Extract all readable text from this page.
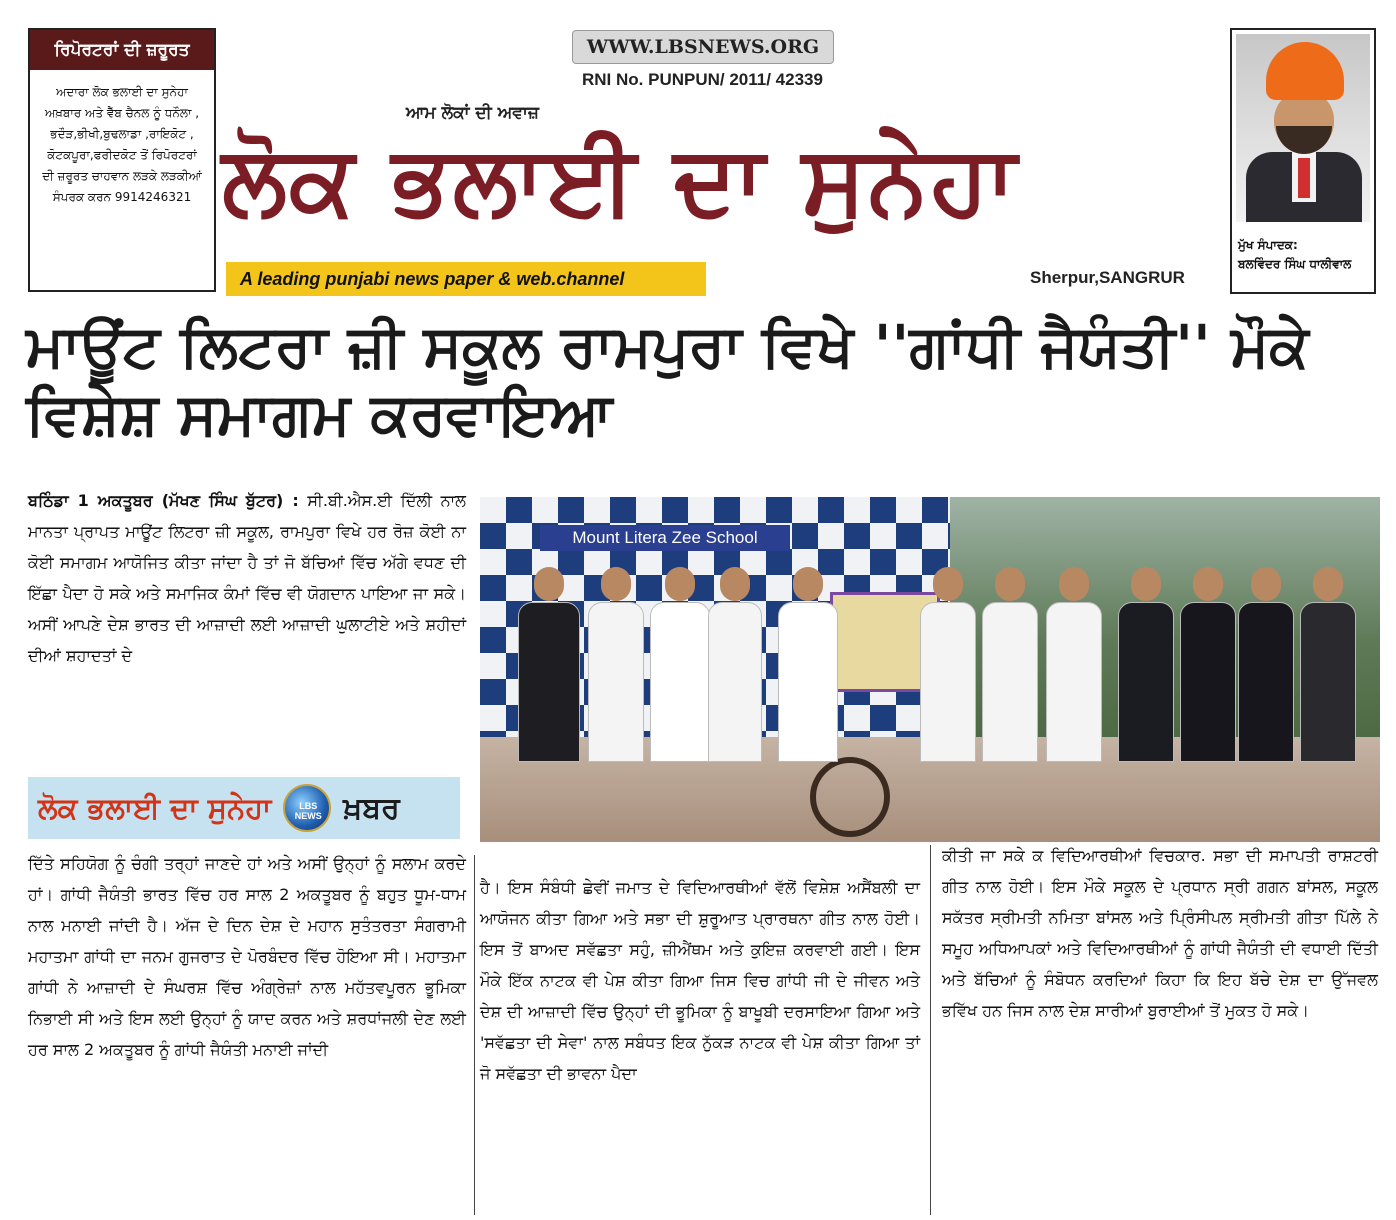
ਰਿਪੋਰਟਰਾਂ ਦੀ ਜ਼ਰੂਰਤ
ਅਦਾਰਾ ਲੋਕ ਭਲਾਈ ਦਾ ਸੁਨੇਹਾ
ਅਖ਼ਬਾਰ ਅਤੇ ਵੈੱਬ ਚੈਨਲ ਨੂੰ ਧਨੌਲਾ ,
ਭਦੌੜ,ਭੀਖੀ,ਬੁਢਲਾਡਾ ,ਰਾਇਕੋਟ ,
ਕੋਟਕਪੂਰਾ,ਫਰੀਦਕੋਟ ਤੋਂ ਰਿਪੋਰਟਰਾਂ
ਦੀ ਜ਼ਰੂਰਤ ਚਾਹਵਾਨ ਲੜਕੇ ਲੜਕੀਆਂ
ਸੰਪਰਕ ਕਰਨ 9914246321
WWW.LBSNEWS.ORG
RNI No. PUNPUN/ 2011/ 42339
ਆਮ ਲੋਕਾਂ ਦੀ ਅਵਾਜ਼
ਲੋਕ ਭਲਾਈ ਦਾ ਸੁਨੇਹਾ
A leading punjabi news paper & web.channel	Sherpur,SANGRUR
ਮੁੱਖ ਸੰਪਾਦਕ:
ਬਲਵਿੰਦਰ ਸਿੰਘ ਧਾਲੀਵਾਲ
ਮਾਊਂਟ ਲਿਟਰਾ ਜ਼ੀ ਸਕੂਲ ਰਾਮਪੁਰਾ ਵਿਖੇ ''ਗਾਂਧੀ ਜੈਯੰਤੀ'' ਮੌਕੇ ਵਿਸ਼ੇਸ਼ ਸਮਾਗਮ ਕਰਵਾਇਆ
ਬਠਿੰਡਾ 1 ਅਕਤੂਬਰ (ਮੱਖਣ ਸਿੰਘ ਬੁੱਟਰ) : ਸੀ.ਬੀ.ਐਸ.ਈ ਦਿੱਲੀ ਨਾਲ ਮਾਨਤਾ ਪ੍ਰਾਪਤ ਮਾਊਂਟ ਲਿਟਰਾ ਜ਼ੀ ਸਕੂਲ, ਰਾਮਪੁਰਾ ਵਿਖੇ ਹਰ ਰੋਜ਼ ਕੋਈ ਨਾ ਕੋਈ ਸਮਾਗਮ ਆਯੋਜਿਤ ਕੀਤਾ ਜਾਂਦਾ ਹੈ ਤਾਂ ਜੋ ਬੱਚਿਆਂ ਵਿੱਚ ਅੱਗੇ ਵਧਣ ਦੀ ਇੱਛਾ ਪੈਦਾ ਹੋ ਸਕੇ ਅਤੇ ਸਮਾਜਿਕ ਕੰਮਾਂ ਵਿੱਚ ਵੀ ਯੋਗਦਾਨ ਪਾਇਆ ਜਾ ਸਕੇ। ਅਸੀਂ ਆਪਣੇ ਦੇਸ਼ ਭਾਰਤ ਦੀ ਆਜ਼ਾਦੀ ਲਈ ਆਜ਼ਾਦੀ ਘੁਲਾਟੀਏ ਅਤੇ ਸ਼ਹੀਦਾਂ ਦੀਆਂ ਸ਼ਹਾਦਤਾਂ ਦੇ
ਲੋਕ ਭਲਾਈ ਦਾ ਸੁਨੇਹਾ	LBS NEWS ਖ਼ਬਰ
ਦਿੱਤੇ ਸਹਿਯੋਗ ਨੂੰ ਚੰਗੀ ਤਰ੍ਹਾਂ ਜਾਣਦੇ ਹਾਂ ਅਤੇ ਅਸੀਂ ਉਨ੍ਹਾਂ ਨੂੰ ਸਲਾਮ ਕਰਦੇ ਹਾਂ। ਗਾਂਧੀ ਜੈਯੰਤੀ ਭਾਰਤ ਵਿੱਚ ਹਰ ਸਾਲ 2 ਅਕਤੂਬਰ ਨੂੰ ਬਹੁਤ ਧੂਮ-ਧਾਮ ਨਾਲ ਮਨਾਈ ਜਾਂਦੀ ਹੈ। ਅੱਜ ਦੇ ਦਿਨ ਦੇਸ਼ ਦੇ ਮਹਾਨ ਸੁਤੰਤਰਤਾ ਸੰਗਰਾਮੀ ਮਹਾਤਮਾ ਗਾਂਧੀ ਦਾ ਜਨਮ ਗੁਜਰਾਤ ਦੇ ਪੋਰਬੰਦਰ ਵਿੱਚ ਹੋਇਆ ਸੀ। ਮਹਾਤਮਾ ਗਾਂਧੀ ਨੇ ਆਜ਼ਾਦੀ ਦੇ ਸੰਘਰਸ਼ ਵਿੱਚ ਅੰਗ੍ਰੇਜ਼ਾਂ ਨਾਲ ਮਹੱਤਵਪੂਰਨ ਭੂਮਿਕਾ ਨਿਭਾਈ ਸੀ ਅਤੇ ਇਸ ਲਈ ਉਨ੍ਹਾਂ ਨੂੰ ਯਾਦ ਕਰਨ ਅਤੇ ਸ਼ਰਧਾਂਜਲੀ ਦੇਣ ਲਈ ਹਰ ਸਾਲ 2 ਅਕਤੂਬਰ ਨੂੰ ਗਾਂਧੀ ਜੈਯੰਤੀ ਮਨਾਈ ਜਾਂਦੀ
Mount Litera Zee School
ਹੈ। ਇਸ ਸੰਬੰਧੀ ਛੇਵੀਂ ਜਮਾਤ ਦੇ ਵਿਦਿਆਰਥੀਆਂ ਵੱਲੋਂ ਵਿਸ਼ੇਸ਼ ਅਸੈਂਬਲੀ ਦਾ ਆਯੋਜਨ ਕੀਤਾ ਗਿਆ ਅਤੇ ਸਭਾ ਦੀ ਸ਼ੁਰੂਆਤ ਪ੍ਰਾਰਥਨਾ ਗੀਤ ਨਾਲ ਹੋਈ। ਇਸ ਤੋਂ ਬਾਅਦ ਸਵੱਛਤਾ ਸਹੁੰ, ਜ਼ੀਐਂਥਮ ਅਤੇ ਕੁਇਜ਼ ਕਰਵਾਈ ਗਈ। ਇਸ ਮੌਕੇ ਇੱਕ ਨਾਟਕ ਵੀ ਪੇਸ਼ ਕੀਤਾ ਗਿਆ ਜਿਸ ਵਿਚ ਗਾਂਧੀ ਜੀ ਦੇ ਜੀਵਨ ਅਤੇ ਦੇਸ਼ ਦੀ ਆਜ਼ਾਦੀ ਵਿੱਚ ਉਨ੍ਹਾਂ ਦੀ ਭੂਮਿਕਾ ਨੂੰ ਬਾਖੂਬੀ ਦਰਸਾਇਆ ਗਿਆ ਅਤੇ 'ਸਵੱਛਤਾ ਦੀ ਸੇਵਾ' ਨਾਲ ਸਬੰਧਤ ਇਕ ਨੁੱਕੜ ਨਾਟਕ ਵੀ ਪੇਸ਼ ਕੀਤਾ ਗਿਆ ਤਾਂ ਜੋ ਸਵੱਛਤਾ ਦੀ ਭਾਵਨਾ ਪੈਦਾ
ਕੀਤੀ ਜਾ ਸਕੇ ਕ ਵਿਦਿਆਰਥੀਆਂ ਵਿਚਕਾਰ. ਸਭਾ ਦੀ ਸਮਾਪਤੀ ਰਾਸ਼ਟਰੀ ਗੀਤ ਨਾਲ ਹੋਈ। ਇਸ ਮੌਕੇ ਸਕੂਲ ਦੇ ਪ੍ਰਧਾਨ ਸ੍ਰੀ ਗਗਨ ਬਾਂਸਲ, ਸਕੂਲ ਸਕੱਤਰ ਸ੍ਰੀਮਤੀ ਨਮਿਤਾ ਬਾਂਸਲ ਅਤੇ ਪ੍ਰਿੰਸੀਪਲ ਸ੍ਰੀਮਤੀ ਗੀਤਾ ਪਿੱਲੇ ਨੇ ਸਮੂਹ ਅਧਿਆਪਕਾਂ ਅਤੇ ਵਿਦਿਆਰਥੀਆਂ ਨੂੰ ਗਾਂਧੀ ਜੈਯੰਤੀ ਦੀ ਵਧਾਈ ਦਿੱਤੀ ਅਤੇ ਬੱਚਿਆਂ ਨੂੰ ਸੰਬੋਧਨ ਕਰਦਿਆਂ ਕਿਹਾ ਕਿ ਇਹ ਬੱਚੇ ਦੇਸ਼ ਦਾ ਉੱਜਵਲ ਭਵਿੱਖ ਹਨ ਜਿਸ ਨਾਲ ਦੇਸ਼ ਸਾਰੀਆਂ ਬੁਰਾਈਆਂ ਤੋਂ ਮੁਕਤ ਹੋ ਸਕੇ।
